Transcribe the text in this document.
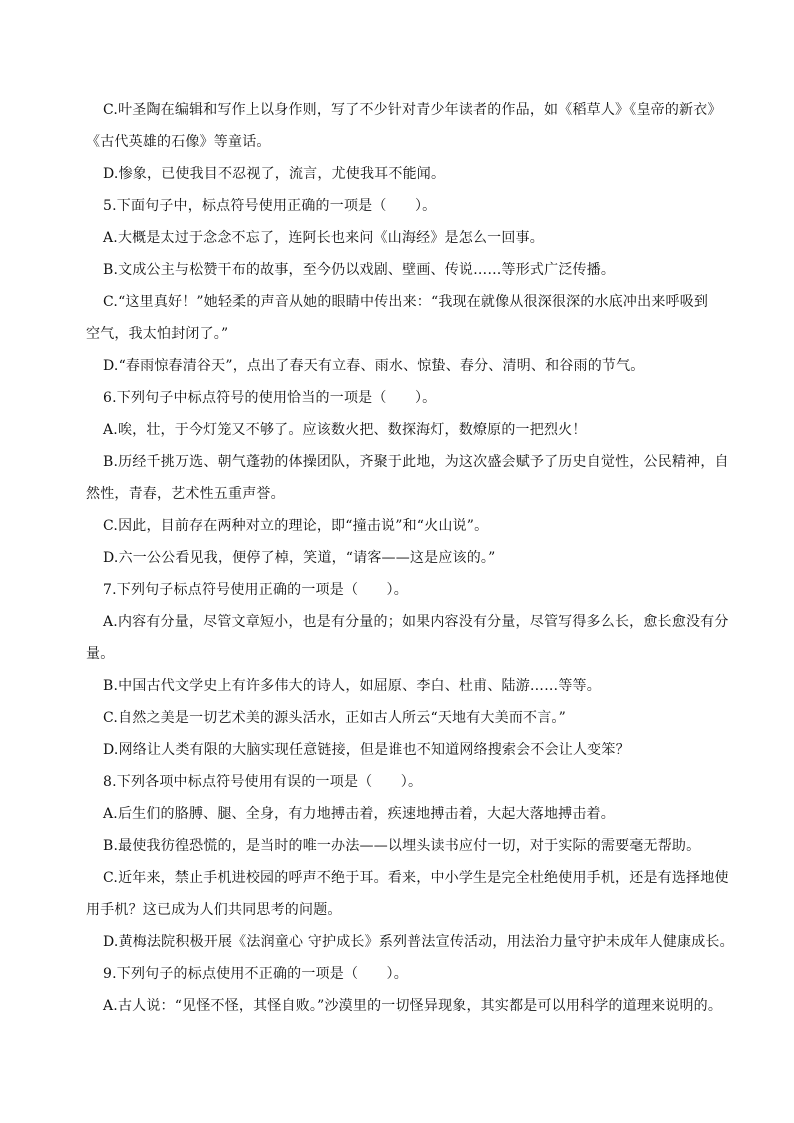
C.叶圣陶在编辑和写作上以身作则，写了不少针对青少年读者的作品，如《稻草人》《皇帝的新衣》
《古代英雄的石像》等童话。
D.惨象，已使我目不忍视了，流言，尤使我耳不能闻。
5.下面句子中，标点符号使用正确的一项是（　　）。
A.大概是太过于念念不忘了，连阿长也来问《山海经》是怎么一回事。
B.文成公主与松赞干布的故事，至今仍以戏剧、壁画、传说……等形式广泛传播。
C.“这里真好！”她轻柔的声音从她的眼睛中传出来：“我现在就像从很深很深的水底冲出来呼吸到
空气，我太怕封闭了。”
D.“春雨惊春清谷天”，点出了春天有立春、雨水、惊蛰、春分、清明、和谷雨的节气。
6.下列句子中标点符号的使用恰当的一项是（　　）。
A.唉，壮，于今灯笼又不够了。应该数火把、数探海灯，数燎原的一把烈火！
B.历经千挑万选、朝气蓬勃的体操团队，齐聚于此地，为这次盛会赋予了历史自觉性，公民精神，自
然性，青春，艺术性五重声誉。
C.因此，目前存在两种对立的理论，即“撞击说”和“火山说”。
D.六一公公看见我，便停了棹，笑道，“请客——这是应该的。”
7.下列句子标点符号使用正确的一项是（　　）。
A.内容有分量，尽管文章短小，也是有分量的；如果内容没有分量，尽管写得多么长，愈长愈没有分
量。
B.中国古代文学史上有许多伟大的诗人，如屈原、李白、杜甫、陆游……等等。
C.自然之美是一切艺术美的源头活水，正如古人所云“天地有大美而不言。”
D.网络让人类有限的大脑实现任意链接，但是谁也不知道网络搜索会不会让人变笨？
8.下列各项中标点符号使用有误的一项是（　　）。
A.后生们的胳膊、腿、全身，有力地搏击着，疾速地搏击着，大起大落地搏击着。
B.最使我彷徨恐慌的，是当时的唯一办法——以埋头读书应付一切，对于实际的需要毫无帮助。
C.近年来，禁止手机进校园的呼声不绝于耳。看来，中小学生是完全杜绝使用手机，还是有选择地使
用手机？这已成为人们共同思考的问题。
D.黄梅法院积极开展《法润童心 守护成长》系列普法宣传活动，用法治力量守护未成年人健康成长。
9.下列句子的标点使用不正确的一项是（　　）。
A.古人说：“见怪不怪，其怪自败。”沙漠里的一切怪异现象，其实都是可以用科学的道理来说明的。
